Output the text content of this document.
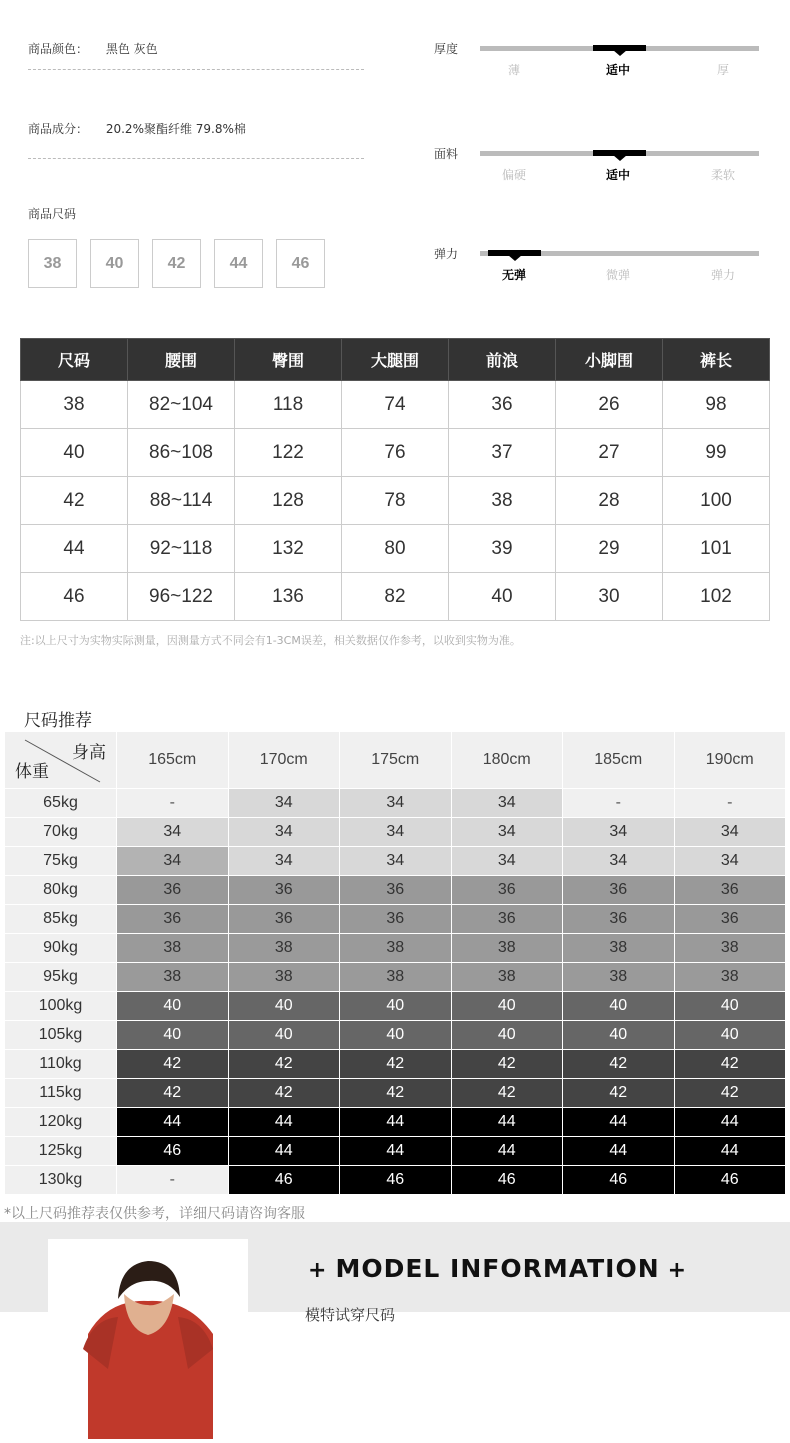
商品颜色： 黑色 灰色
商品成分： 20.2%聚酯纤维 79.8%棉
商品尺码
38	40	42	44	46
厚度
薄	适中	厚
面料
偏硬	适中	柔软
弹力
无弹	微弹	弹力
尺码	腰围	臀围	大腿围	前浪	小脚围	裤长
38	82~104	118	74	36	26	98
40	86~108	122	76	37	27	99
42	88~114	128	78	38	28	100
44	92~118	132	80	39	29	101
46	96~122	136	82	40	30	102
注:以上尺寸为实物实际测量，因测量方式不同会有1-3CM误差，相关数据仅作参考，以收到实物为准。
尺码推荐
身高
体重	165cm	170cm	175cm	180cm	185cm	190cm
65kg	-	34	34	34	-	-
70kg	34	34	34	34	34	34
75kg	34	34	34	34	34	34
80kg	36	36	36	36	36	36
85kg	36	36	36	36	36	36
90kg	38	38	38	38	38	38
95kg	38	38	38	38	38	38
100kg	40	40	40	40	40	40
105kg	40	40	40	40	40	40
110kg	42	42	42	42	42	42
115kg	42	42	42	42	42	42
120kg	44	44	44	44	44	44
125kg	46	44	44	44	44	44
130kg	-	46	46	46	46	46
*以上尺码推荐表仅供参考，详细尺码请咨询客服
+ MODEL INFORMATION +
模特试穿尺码
